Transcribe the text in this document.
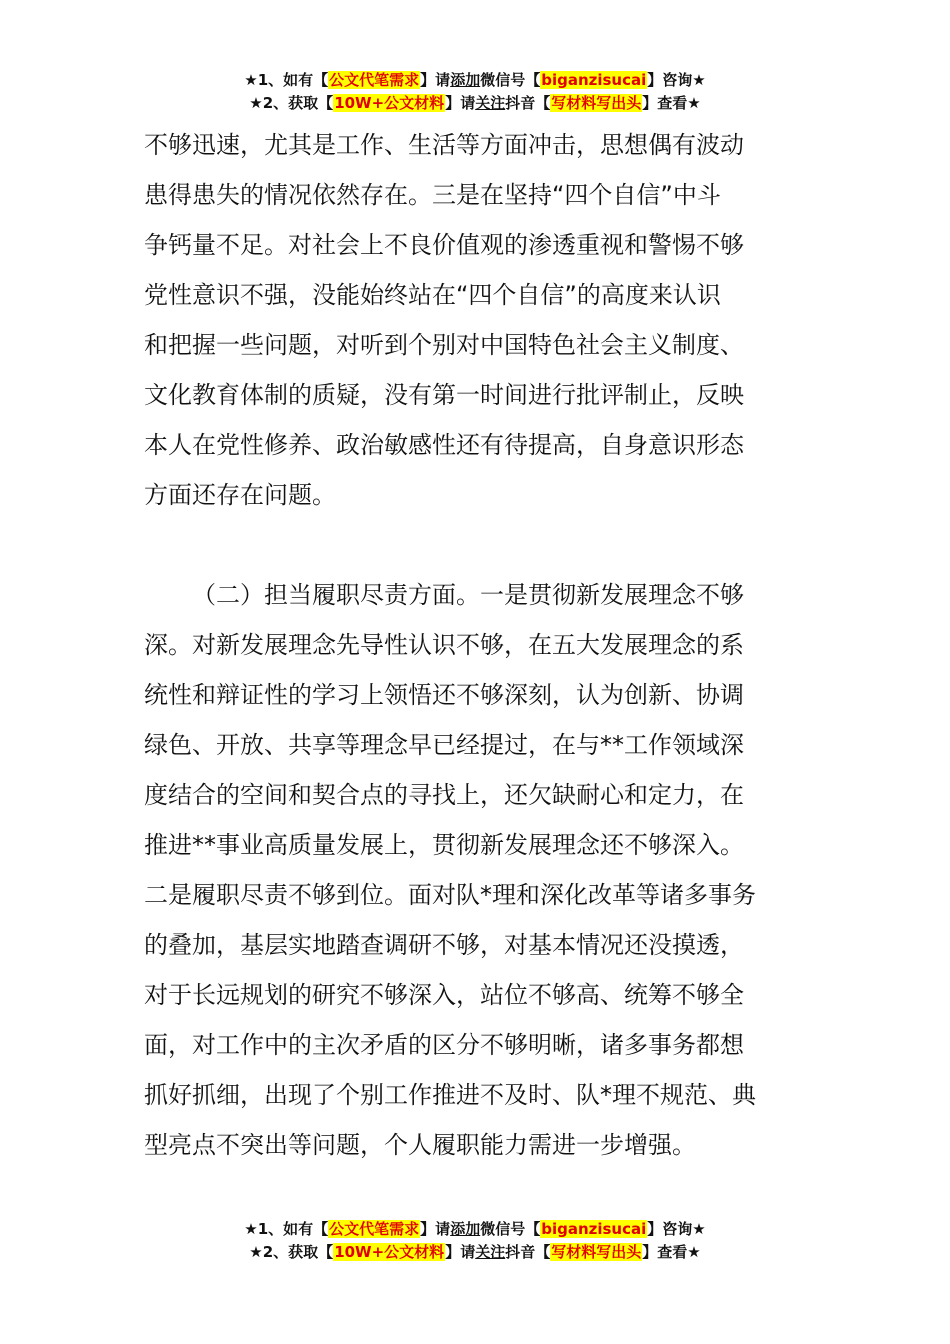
★1、如有【公文代笔需求】请添加微信号【biganzisucai】咨询★
★2、获取【10W+公文材料】请关注抖音【写材料写出头】查看★
不够迅速，尤其是工作、生活等方面冲击，思想偶有波动
患得患失的情况依然存在。三是在坚持“四个自信”中斗
争钙量不足。对社会上不良价值观的渗透重视和警惕不够
党性意识不强，没能始终站在“四个自信”的高度来认识
和把握一些问题，对听到个别对中国特色社会主义制度、
文化教育体制的质疑，没有第一时间进行批评制止，反映
本人在党性修养、政治敏感性还有待提高，自身意识形态
方面还存在问题。
（二）担当履职尽责方面。一是贯彻新发展理念不够
深。对新发展理念先导性认识不够，在五大发展理念的系
统性和辩证性的学习上领悟还不够深刻，认为创新、协调
绿色、开放、共享等理念早已经提过，在与**工作领域深
度结合的空间和契合点的寻找上，还欠缺耐心和定力，在
推进**事业高质量发展上，贯彻新发展理念还不够深入。
二是履职尽责不够到位。面对队*理和深化改革等诸多事务
的叠加，基层实地踏查调研不够，对基本情况还没摸透，
对于长远规划的研究不够深入，站位不够高、统筹不够全
面，对工作中的主次矛盾的区分不够明晰，诸多事务都想
抓好抓细，出现了个别工作推进不及时、队*理不规范、典
型亮点不突出等问题，个人履职能力需进一步增强。
★1、如有【公文代笔需求】请添加微信号【biganzisucai】咨询★
★2、获取【10W+公文材料】请关注抖音【写材料写出头】查看★
